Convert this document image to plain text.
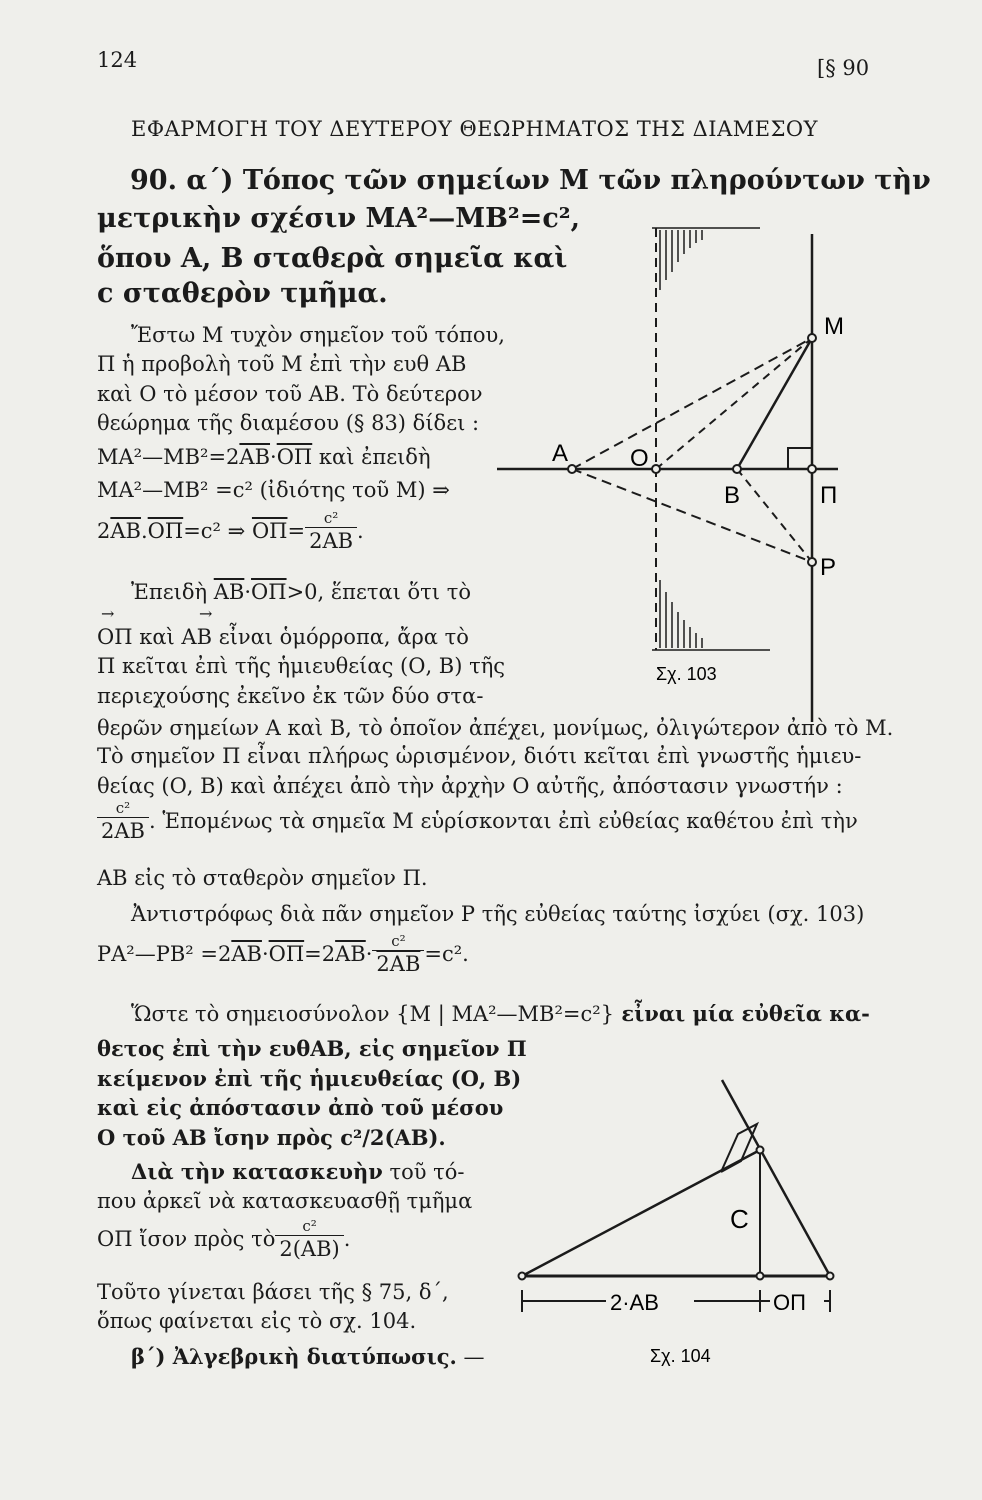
124	[§ 90
ΕΦΑΡΜΟΓΗ ΤΟΥ ΔΕΥΤΕΡΟΥ ΘΕΩΡΗΜΑΤΟΣ ΤΗΣ ΔΙΑΜΕΣΟΥ
90. α΄) Τόπος τῶν σημείων Μ τῶν πληρούντων τὴν
μετρικὴν σχέσιν ΜΑ²—ΜΒ²=c²,
ὅπου Α, Β σταθερὰ σημεῖα καὶ
c σταθερὸν τμῆμα.
Ἔστω Μ τυχὸν σημεῖον τοῦ τόπου,
Π ἡ προβολὴ τοῦ Μ ἐπὶ τὴν ευθ ΑΒ
καὶ Ο τὸ μέσον τοῦ ΑΒ. Τὸ δεύτερον
θεώρημα τῆς διαμέσου (§ 83) δίδει :
$MA^2—MB^2=2\overline{AB}\cdot\overline{O\Pi}$ καὶ ἐπειδὴ
ΜΑ²—ΜΒ² =c² (ἰδιότης τοῦ Μ) ⇒
2 $\overline{AB}$ . $\overline{O\Pi} =c^2$ ⇒
$\overline{O\Pi} = \frac{\text{c²}}{2AB}$ .
Ἐπειδὴ $\overline{AB}\cdot\overline{O\Pi}>0$, ἕπεται ὅτι τὸ
→	→
ΟΠ καὶ ΑΒ εἶναι ὁμόρροπα, ἄρα τὸ
Π κεῖται ἐπὶ τῆς ἡμιευθείας (Ο, Β) τῆς
περιεχούσης ἐκεῖνο ἐκ τῶν δύο στα-
θερῶν σημείων Α καὶ Β, τὸ ὁποῖον ἀπέχει, μονίμως, ὀλιγώτερον ἀπὸ τὸ Μ.
Τὸ σημεῖον Π εἶναι πλήρως ὡρισμένον, διότι κεῖται ἐπὶ γνωστῆς ἡμιευ-
θείας (Ο, Β) καὶ ἀπέχει ἀπὸ τὴν ἀρχὴν Ο αὐτῆς, ἀπόστασιν γνωστήν :
$\frac{\text{c²}}{2AB}$ . Ἑπομένως τὰ σημεῖα Μ εὑρίσκονται ἐπὶ εὐθείας καθέτου ἐπὶ τὴν
ΑΒ εἰς τὸ σταθερὸν σημεῖον Π.
Ἀντιστρόφως διὰ πᾶν σημεῖον Ρ τῆς εὐθείας ταύτης ἰσχύει (σχ. 103)
ΡΑ²—ΡΒ² =2 $\overline{AB} \cdot \overline{O\Pi} =2$ $\overline{AB} \cdot \frac{\text{c²}}{2AB} =c^2$.
Ὥστε τὸ σημειοσύνολον {Μ | ΜΑ²—ΜΒ²=c²} εἶναι μία εὐθεῖα κα-
θετος ἐπὶ τὴν ευθΑΒ, εἰς σημεῖον Π
κείμενον ἐπὶ τῆς ἡμιευθείας (Ο, Β)
καὶ εἰς ἀπόστασιν ἀπὸ τοῦ μέσου
Ο τοῦ ΑΒ ἴσην πρὸς c²/2(ΑΒ).
Διὰ τὴν κατασκευὴν τοῦ τό-
που ἀρκεῖ νὰ κατασκευασθῇ τμῆμα
ΟΠ ἴσον πρὸς τὸ $\frac{\text{c²}}{2(AB)}$ .
Τοῦτο γίνεται βάσει τῆς § 75, δ΄,
ὅπως φαίνεται εἰς τὸ σχ. 104.
β΄) Ἀλγεβρικὴ διατύπωσις. —
Μ
Α	Ο
Β	Π
Ρ
Σχ. 103
C
2·ΑΒ	ΟΠ
Σχ. 104
